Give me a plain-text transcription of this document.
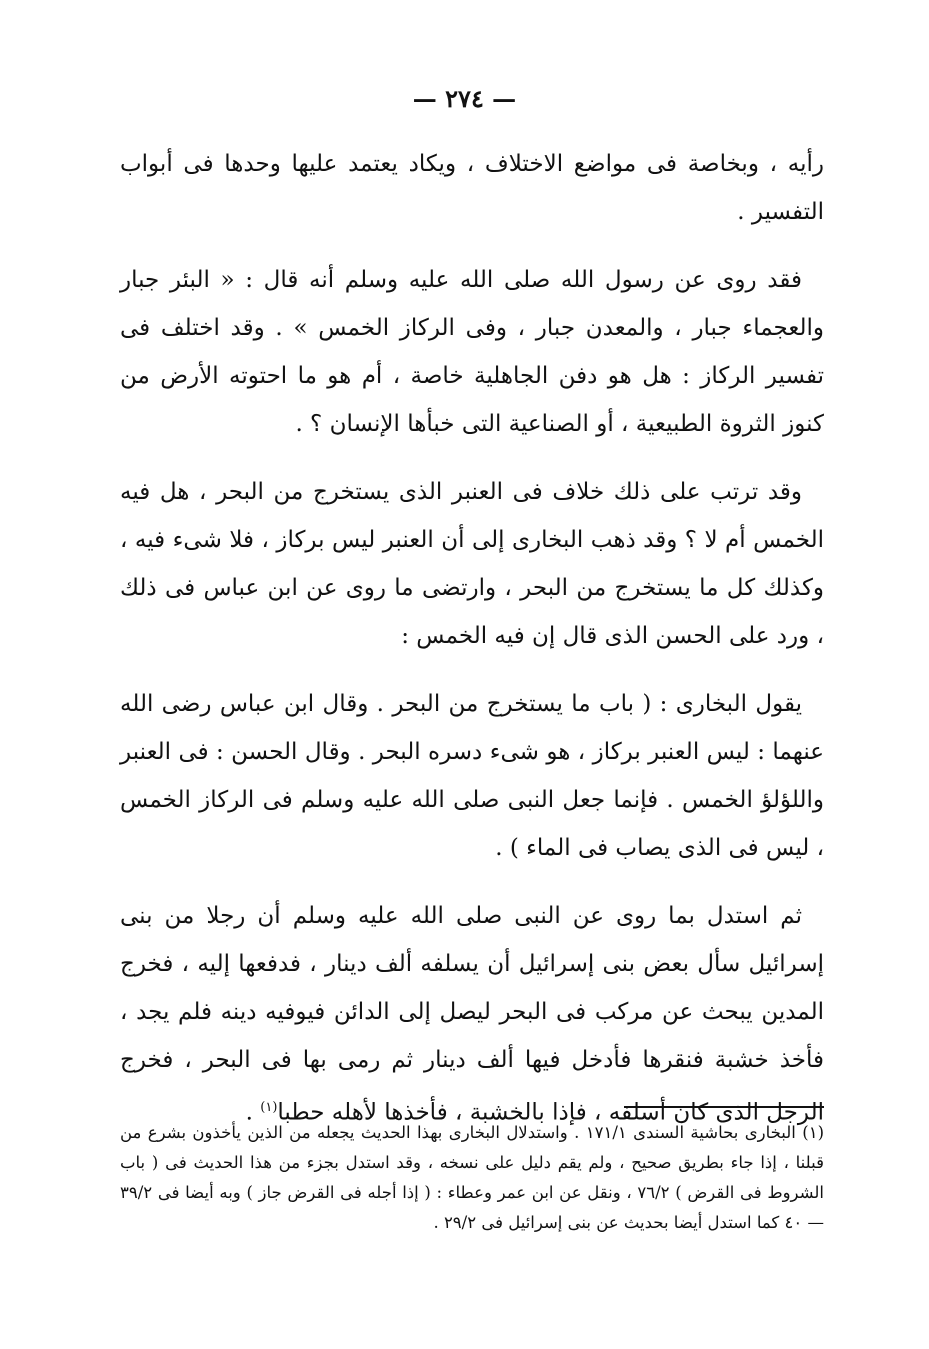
— ٢٧٤ —

رأيه ، وبخاصة فى مواضع الاختلاف ، ويكاد يعتمد عليها وحدها فى أبواب التفسير .

فقد روى عن رسول الله صلى الله عليه وسلم أنه قال : « البئر جبار والعجماء جبار ، والمعدن جبار ، وفى الركاز الخمس » . وقد اختلف فى تفسير الركاز : هل هو دفن الجاهلية خاصة ، أم هو ما احتوته الأرض من كنوز الثروة الطبيعية ، أو الصناعية التى خبأها الإنسان ؟ .

وقد ترتب على ذلك خلاف فى العنبر الذى يستخرج من البحر ، هل فيه الخمس أم لا ؟ وقد ذهب البخارى إلى أن العنبر ليس بركاز ، فلا شىء فيه ، وكذلك كل ما يستخرج من البحر ، وارتضى ما روى عن ابن عباس فى ذلك ، ورد على الحسن الذى قال إن فيه الخمس :

يقول البخارى : ( باب ما يستخرج من البحر . وقال ابن عباس رضى الله عنهما : ليس العنبر بركاز ، هو شىء دسره البحر . وقال الحسن : فى العنبر واللؤلؤ الخمس . فإنما جعل النبى صلى الله عليه وسلم فى الركاز الخمس ، ليس فى الذى يصاب فى الماء ) .

ثم استدل بما روى عن النبى صلى الله عليه وسلم أن رجلا من بنى إسرائيل سأل بعض بنى إسرائيل أن يسلفه ألف دينار ، فدفعها إليه ، فخرج المدين يبحث عن مركب فى البحر ليصل إلى الدائن فيوفيه دينه فلم يجد ، فأخذ خشبة فنقرها فأدخل فيها ألف دينار ثم رمى بها فى البحر ، فخرج الرجل الذى كان أسلفه ، فإذا بالخشبة ، فأخذها لأهله حطبا$^{(١)}$ .

(١) البخارى بحاشية السندى ١٧١/١ . واستدلال البخارى بهذا الحديث يجعله من الذين يأخذون بشرع من قبلنا ، إذا جاء بطريق صحيح ، ولم يقم دليل على نسخه ، وقد استدل بجزء من هذا الحديث فى ( باب الشروط فى القرض ) ٧٦/٢ ، ونقل عن ابن عمر وعطاء : ( إذا أجله فى القرض جاز ) وبه أيضا فى ٣٩/٢ — ٤٠ كما استدل أيضا بحديث عن بنى إسرائيل فى ٢٩/٢ .
